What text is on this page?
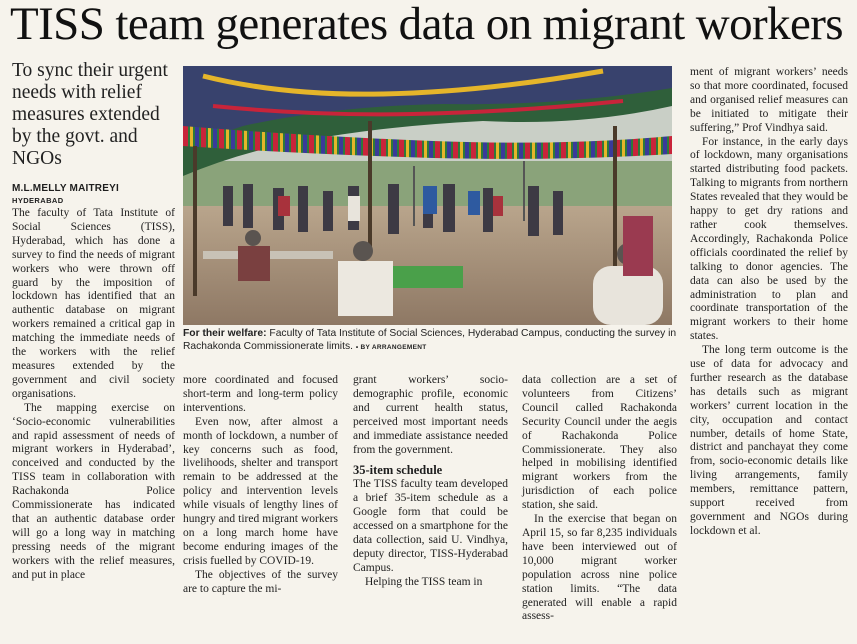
TISS team generates data on migrant workers
To sync their urgent needs with relief measures extended by the govt. and NGOs
M.L.MELLY MAITREYI
HYDERABAD

The faculty of Tata Institute of Social Sciences (TISS), Hyderabad, which has done a survey to find the needs of migrant workers who were thrown off guard by the imposition of lockdown has identified that an authentic database on migrant workers remained a critical gap in matching the immediate needs of the workers with the relief measures extended by the government and civil society organisations.

The mapping exercise on ‘Socio-economic vulnerabilities and rapid assessment of needs of migrant workers in Hyderabad’, conceived and conducted by the TISS team in collaboration with Rachakonda Police Commissionerate has indicated that an authentic database order will go a long way in matching pressing needs of the migrant workers with the relief measures, and put in place

For their welfare: Faculty of Tata Institute of Social Sciences, Hyderabad Campus, conducting the survey in Rachakonda Commissionerate limits. • BY ARRANGEMENT

more coordinated and focused short-term and long-term policy interventions.

Even now, after almost a month of lockdown, a number of key concerns such as food, livelihoods, shelter and transport remain to be addressed at the policy and intervention levels while visuals of lengthy lines of hungry and tired migrant workers on a long march home have become enduring images of the crisis fuelled by COVID-19.

The objectives of the survey are to capture the mi-

grant workers’ socio-demographic profile, economic and current health status, perceived most important needs and immediate assistance needed from the government.

35-item schedule

The TISS faculty team developed a brief 35-item schedule as a Google form that could be accessed on a smartphone for the data collection, said U. Vindhya, deputy director, TISS-Hyderabad Campus.

Helping the TISS team in

data collection are a set of volunteers from Citizens’ Council called Rachakonda Security Council under the aegis of Rachakonda Police Commissionerate. They also helped in mobilising identified migrant workers from the jurisdiction of each police station, she said.

In the exercise that began on April 15, so far 8,235 individuals have been interviewed out of 10,000 migrant worker population across nine police station limits. “The data generated will enable a rapid assess-

ment of migrant workers’ needs so that more coordinated, focused and organised relief measures can be initiated to mitigate their suffering,” Prof Vindhya said.

For instance, in the early days of lockdown, many organisations started distributing food packets. Talking to migrants from northern States revealed that they would be happy to get dry rations and rather cook themselves. Accordingly, Rachakonda Police officials coordinated the relief by talking to donor agencies. The data can also be used by the administration to plan and coordinate transportation of the migrant workers to their home states.

The long term outcome is the use of data for advocacy and further research as the database has details such as migrant workers’ current location in the city, occupation and contact number, details of home State, district and panchayat they come from, socio-economic details like living arrangements, family members, remittance pattern, support received from government and NGOs during lockdown et al.
